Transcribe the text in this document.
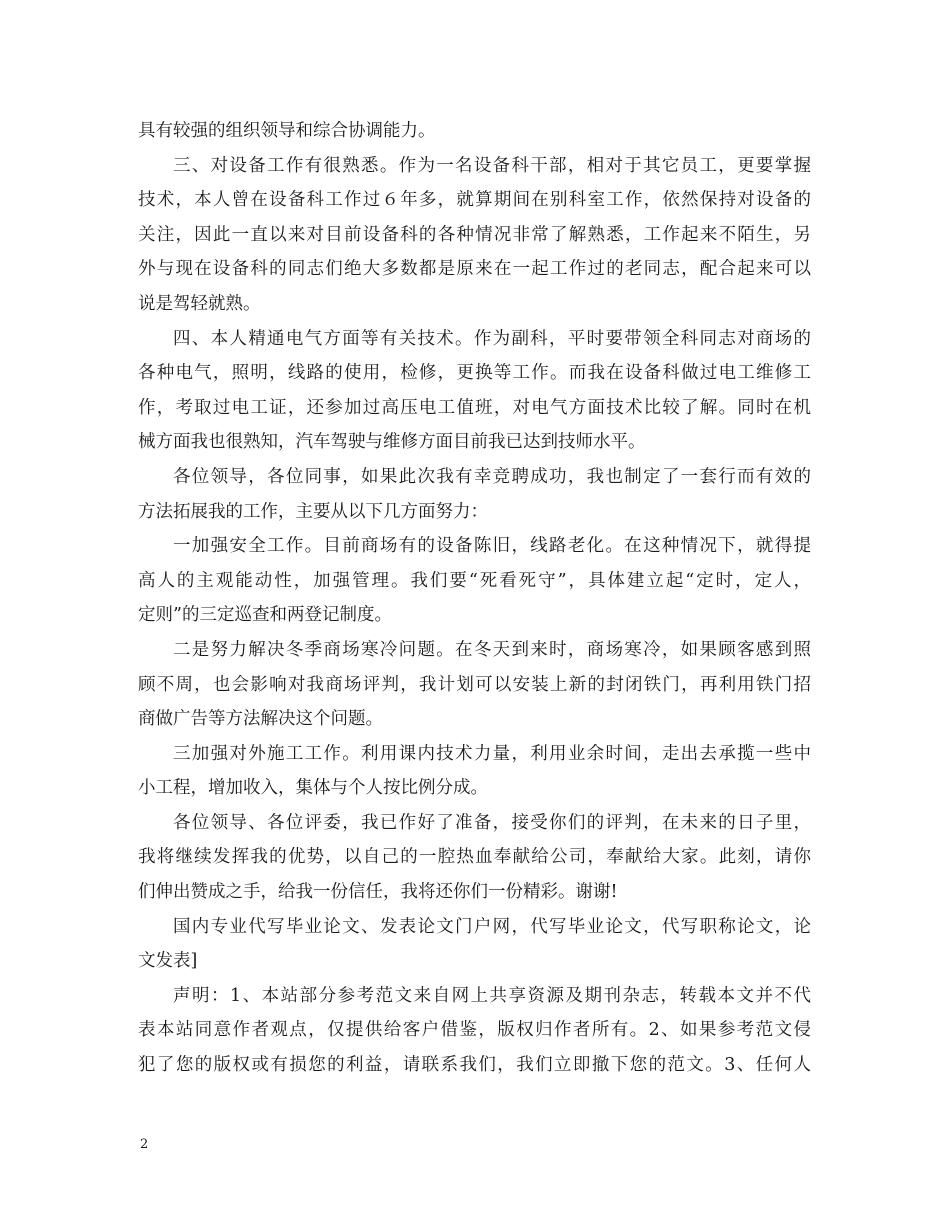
具有较强的组织领导和综合协调能力。
三、对设备工作有很熟悉。作为一名设备科干部，相对于其它员工，更要掌握
技术，本人曾在设备科工作过６年多，就算期间在别科室工作，依然保持对设备的
关注，因此一直以来对目前设备科的各种情况非常了解熟悉，工作起来不陌生，另
外与现在设备科的同志们绝大多数都是原来在一起工作过的老同志，配合起来可以
说是驾轻就熟。
四、本人精通电气方面等有关技术。作为副科，平时要带领全科同志对商场的
各种电气，照明，线路的使用，检修，更换等工作。而我在设备科做过电工维修工
作，考取过电工证，还参加过高压电工值班，对电气方面技术比较了解。同时在机
械方面我也很熟知，汽车驾驶与维修方面目前我已达到技师水平。
各位领导，各位同事，如果此次我有幸竞聘成功，我也制定了一套行而有效的
方法拓展我的工作，主要从以下几方面努力：
一加强安全工作。目前商场有的设备陈旧，线路老化。在这种情况下，就得提
高人的主观能动性，加强管理。我们要“死看死守”，具体建立起“定时，定人，
定则”的三定巡查和两登记制度。
二是努力解决冬季商场寒冷问题。在冬天到来时，商场寒冷，如果顾客感到照
顾不周，也会影响对我商场评判，我计划可以安装上新的封闭铁门，再利用铁门招
商做广告等方法解决这个问题。
三加强对外施工工作。利用课内技术力量，利用业余时间，走出去承揽一些中
小工程，增加收入，集体与个人按比例分成。
各位领导、各位评委，我已作好了准备，接受你们的评判，在未来的日子里，
我将继续发挥我的优势，以自己的一腔热血奉献给公司，奉献给大家。此刻，请你
们伸出赞成之手，给我一份信任，我将还你们一份精彩。谢谢!
国内专业代写毕业论文、发表论文门户网，代写毕业论文，代写职称论文，论
文发表]
声明：1、本站部分参考范文来自网上共享资源及期刊杂志，转载本文并不代
表本站同意作者观点，仅提供给客户借鉴，版权归作者所有。2、如果参考范文侵
犯了您的版权或有损您的利益，请联系我们，我们立即撤下您的范文。3、任何人
2
